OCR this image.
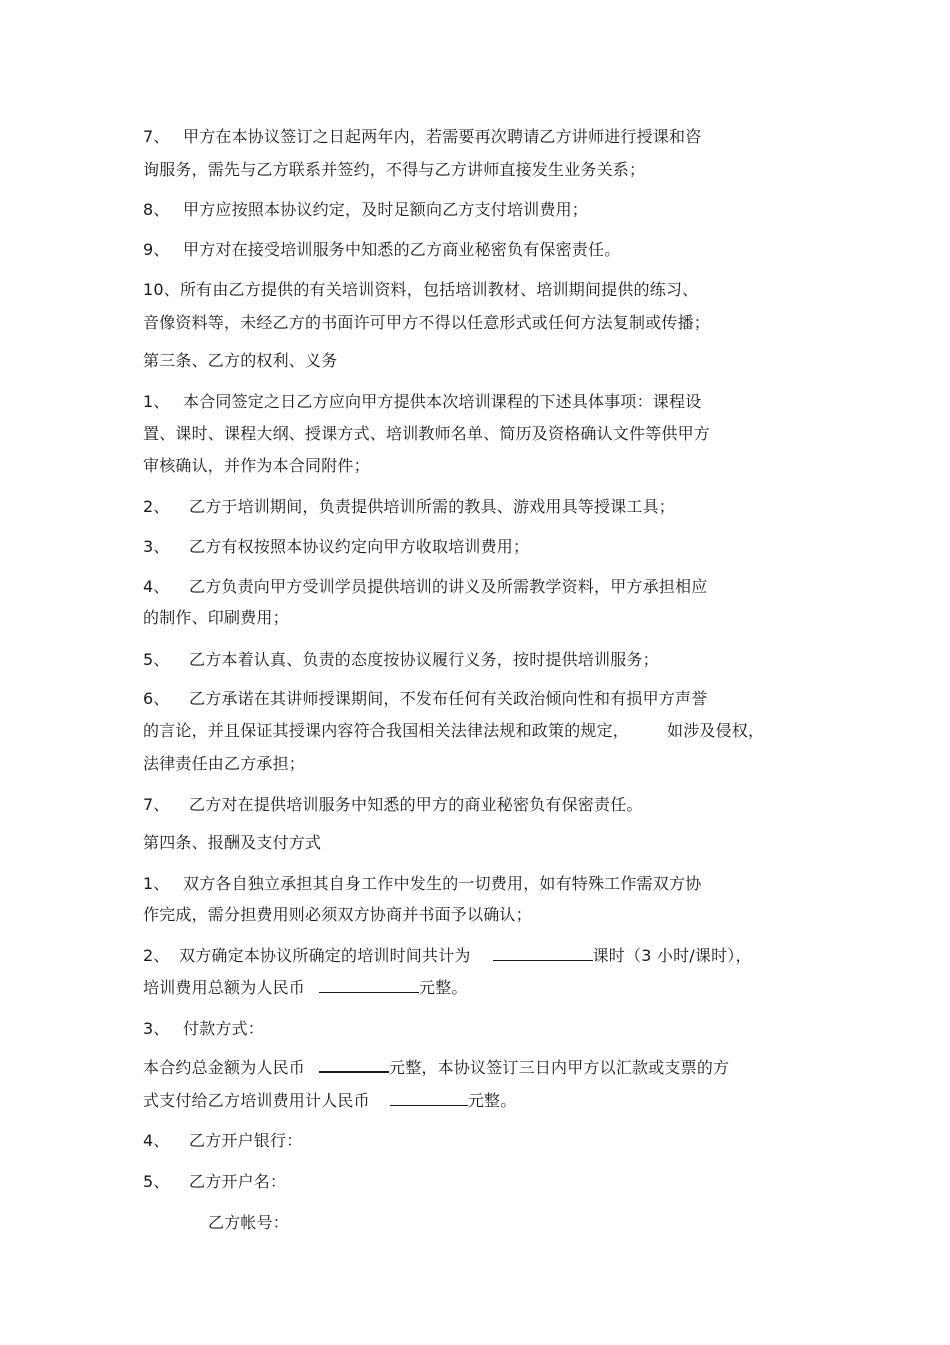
7、 甲方在本协议签订之日起两年内，若需要再次聘请乙方讲师进行授课和咨
询服务，需先与乙方联系并签约，不得与乙方讲师直接发生业务关系；
8、 甲方应按照本协议约定，及时足额向乙方支付培训费用；
9、 甲方对在接受培训服务中知悉的乙方商业秘密负有保密责任。
10、所有由乙方提供的有关培训资料，包括培训教材、培训期间提供的练习、
音像资料等，未经乙方的书面许可甲方不得以任意形式或任何方法复制或传播；
第三条、乙方的权利、义务
1、 本合同签定之日乙方应向甲方提供本次培训课程的下述具体事项：课程设
置、课时、课程大纲、授课方式、培训教师名单、简历及资格确认文件等供甲方
审核确认，并作为本合同附件；
2、 乙方于培训期间，负责提供培训所需的教具、游戏用具等授课工具；
3、 乙方有权按照本协议约定向甲方收取培训费用；
4、 乙方负责向甲方受训学员提供培训的讲义及所需教学资料，甲方承担相应
的制作、印刷费用；
5、 乙方本着认真、负责的态度按协议履行义务，按时提供培训服务；
6、 乙方承诺在其讲师授课期间，不发布任何有关政治倾向性和有损甲方声誉
的言论，并且保证其授课内容符合我国相关法律法规和政策的规定， 如涉及侵权，
法律责任由乙方承担；
7、 乙方对在提供培训服务中知悉的甲方的商业秘密负有保密责任。
第四条、报酬及支付方式
1、 双方各自独立承担其自身工作中发生的一切费用，如有特殊工作需双方协
作完成，需分担费用则必须双方协商并书面予以确认；
2、 双方确定本协议所确定的培训时间共计为	课时（3 小时/课时），
培训费用总额为人民币	元整。
3、 付款方式：
本合约总金额为人民币	元整，本协议签订三日内甲方以汇款或支票的方
式支付给乙方培训费用计人民币	元整。
4、 乙方开户银行：
5、 乙方开户名：
乙方帐号：
